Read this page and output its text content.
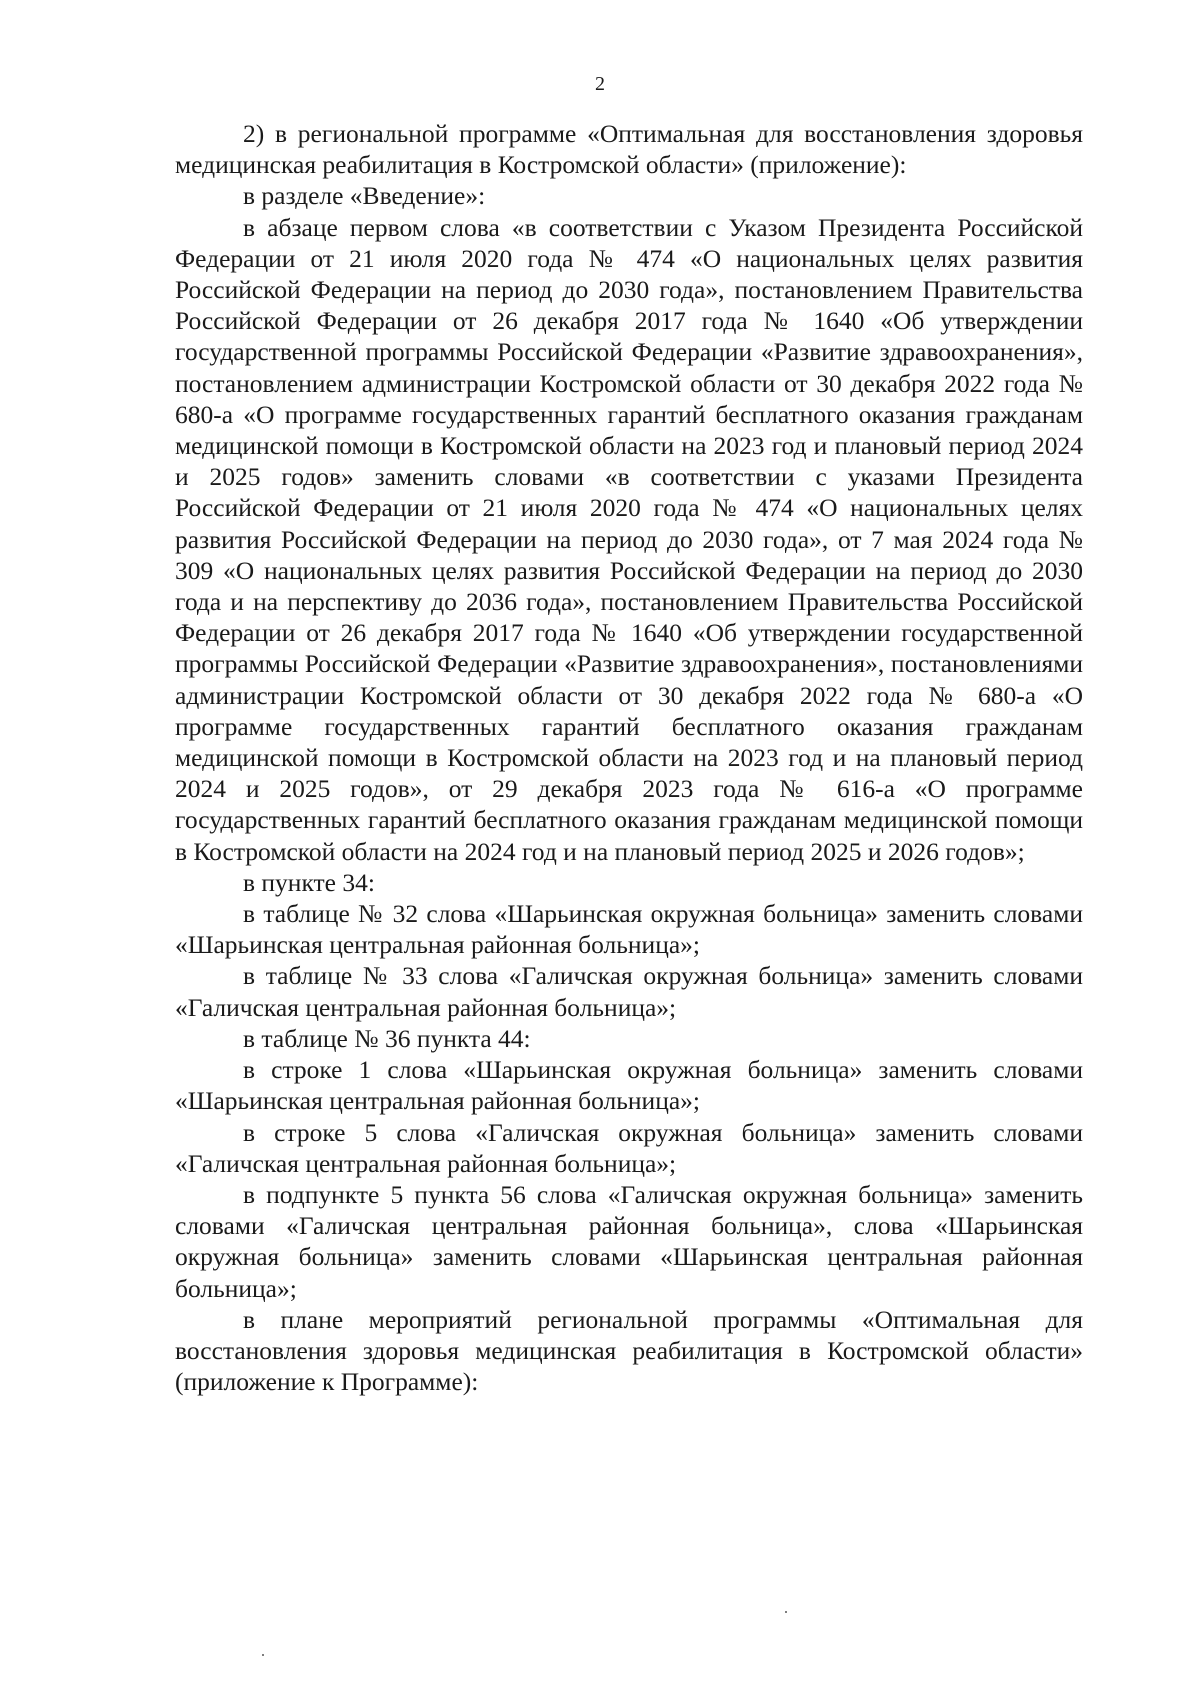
2

2) в региональной программе «Оптимальная для восстановления здоровья медицинская реабилитация в Костромской области» (приложение):

в разделе «Введение»:

в абзаце первом слова «в соответствии с Указом Президента Российской Федерации от 21 июля 2020 года № 474 «О национальных целях развития Российской Федерации на период до 2030 года», постановлением Правительства Российской Федерации от 26 декабря 2017 года № 1640 «Об утверждении государственной программы Российской Федерации «Развитие здравоохранения», постановлением администрации Костромской области от 30 декабря 2022 года № 680-а «О программе государственных гарантий бесплатного оказания гражданам медицинской помощи в Костромской области на 2023 год и плановый период 2024 и 2025 годов» заменить словами «в соответствии с указами Президента Российской Федерации от 21 июля 2020 года № 474 «О национальных целях развития Российской Федерации на период до 2030 года», от 7 мая 2024 года № 309 «О национальных целях развития Российской Федерации на период до 2030 года и на перспективу до 2036 года», постановлением Правительства Российской Федерации от 26 декабря 2017 года № 1640 «Об утверждении государственной программы Российской Федерации «Развитие здравоохранения», постановлениями администрации Костромской области от 30 декабря 2022 года № 680-а «О программе государственных гарантий бесплатного оказания гражданам медицинской помощи в Костромской области на 2023 год и на плановый период 2024 и 2025 годов», от 29 декабря 2023 года № 616-а «О программе государственных гарантий бесплатного оказания гражданам медицинской помощи в Костромской области на 2024 год и на плановый период 2025 и 2026 годов»;

в пункте 34:

в таблице № 32 слова «Шарьинская окружная больница» заменить словами «Шарьинская центральная районная больница»;

в таблице № 33 слова «Галичская окружная больница» заменить словами «Галичская центральная районная больница»;

в таблице № 36 пункта 44:

в строке 1 слова «Шарьинская окружная больница» заменить словами «Шарьинская центральная районная больница»;

в строке 5 слова «Галичская окружная больница» заменить словами «Галичская центральная районная больница»;

в подпункте 5 пункта 56 слова «Галичская окружная больница» заменить словами «Галичская центральная районная больница», слова «Шарьинская окружная больница» заменить словами «Шарьинская центральная районная больница»;

в плане мероприятий региональной программы «Оптимальная для восстановления здоровья медицинская реабилитация в Костромской области» (приложение к Программе):
